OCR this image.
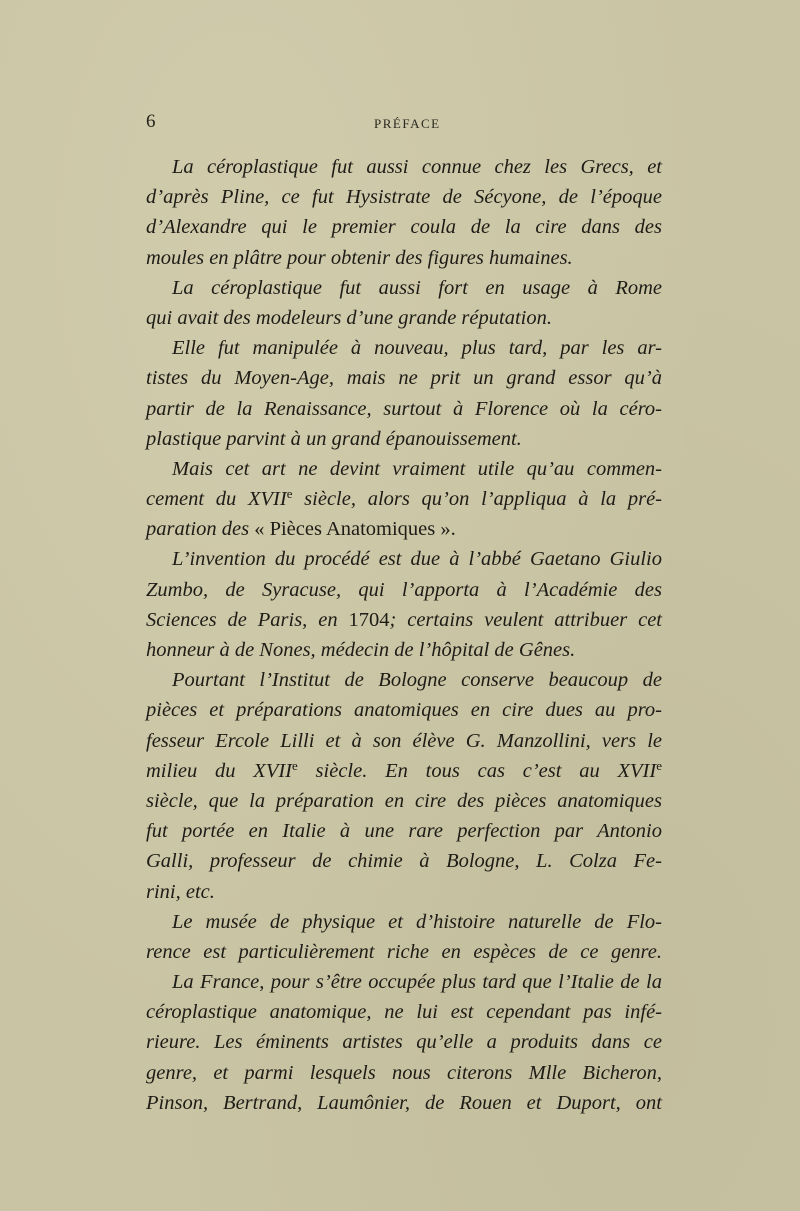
6	PRÉFACE
La céroplastique fut aussi connue chez les Grecs, et
d’après Pline, ce fut Hysistrate de Sécyone, de l’époque
d’Alexandre qui le premier coula de la cire dans des
moules en plâtre pour obtenir des figures humaines.
La céroplastique fut aussi fort en usage à Rome
qui avait des modeleurs d’une grande réputation.
Elle fut manipulée à nouveau, plus tard, par les ar-
tistes du Moyen-Age, mais ne prit un grand essor qu’à
partir de la Renaissance, surtout à Florence où la céro-
plastique parvint à un grand épanouissement.
Mais cet art ne devint vraiment utile qu’au commen-
cement du XVIIe siècle, alors qu’on l’appliqua à la pré-
paration des « Pièces Anatomiques ».
L’invention du procédé est due à l’abbé Gaetano Giulio
Zumbo, de Syracuse, qui l’apporta à l’Académie des
Sciences de Paris, en 1704; certains veulent attribuer cet
honneur à de Nones, médecin de l’hôpital de Gênes.
Pourtant l’Institut de Bologne conserve beaucoup de
pièces et préparations anatomiques en cire dues au pro-
fesseur Ercole Lilli et à son élève G. Manzollini, vers le
milieu du XVIIe siècle. En tous cas c’est au XVIIe
siècle, que la préparation en cire des pièces anatomiques
fut portée en Italie à une rare perfection par Antonio
Galli, professeur de chimie à Bologne, L. Colza Fe-
rini, etc.
Le musée de physique et d’histoire naturelle de Flo-
rence est particulièrement riche en espèces de ce genre.
La France, pour s’être occupée plus tard que l’Italie de la
céroplastique anatomique, ne lui est cependant pas infé-
rieure. Les éminents artistes qu’elle a produits dans ce
genre, et parmi lesquels nous citerons Mlle Bicheron,
Pinson, Bertrand, Laumônier, de Rouen et Duport, ont
